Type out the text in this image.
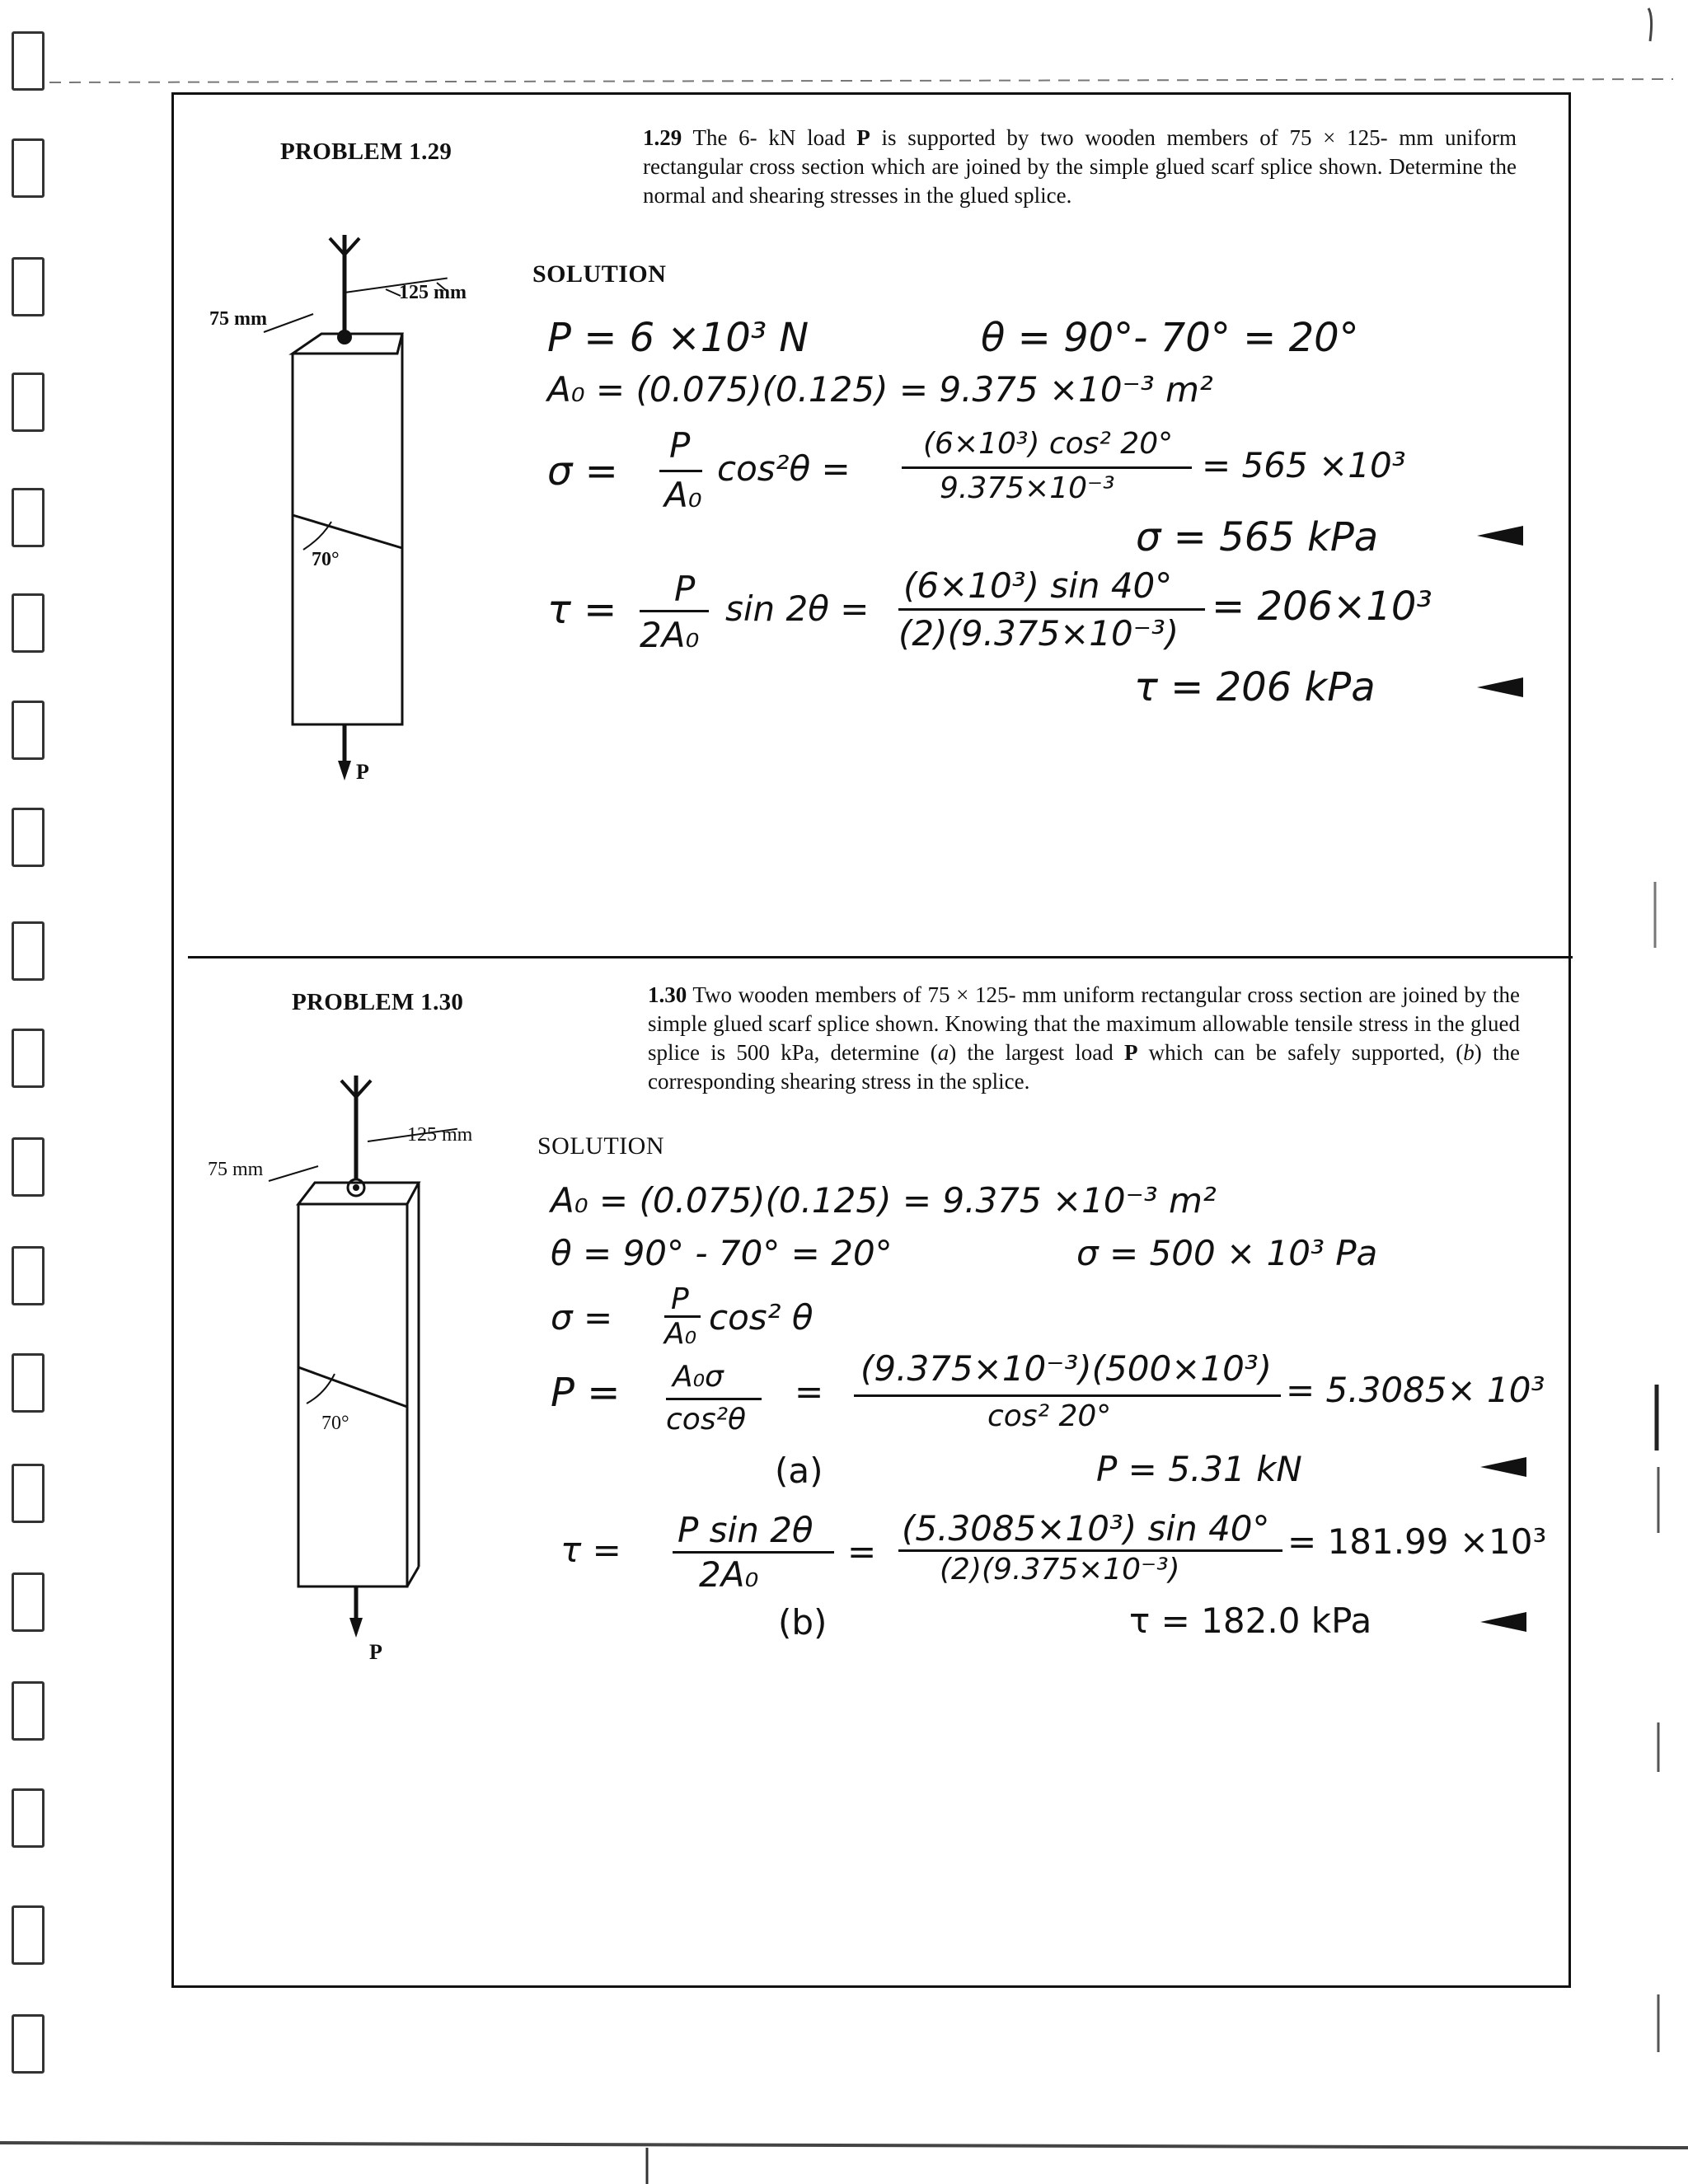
PROBLEM 1.29
1.29 The 6- kN load P is supported by two wooden members of 75 × 125- mm uniform rectangular cross section which are joined by the simple glued scarf splice shown. Determine the normal and shearing stresses in the glued splice.
SOLUTION
75 mm
125 mm
70°
P
P = 6 ×10³ N	θ = 90°- 70° = 20°
A₀ = (0.075)(0.125) = 9.375 ×10⁻³ m²
σ =
P
A₀
cos²θ =
(6×10³) cos² 20°
9.375×10⁻³
= 565 ×10³
σ = 565 kPa
τ = P
2A₀
sin 2θ =
(6×10³) sin 40°
(2)(9.375×10⁻³)
= 206×10³
τ = 206 kPa
PROBLEM 1.30	1.30 Two wooden members of 75 × 125- mm uniform rectangular cross section are joined by the simple glued scarf splice shown. Knowing that the maximum allowable tensile stress in the glued splice is 500 kPa, determine (a) the largest load P which can be safely supported, (b) the corresponding shearing stress in the splice.
SOLUTION
75 mm
125 mm
70°
P
A₀ = (0.075)(0.125) = 9.375 ×10⁻³ m²
θ = 90° - 70° = 20°	σ = 500 × 10³ Pa
σ = P
A₀ cos² θ
P = A₀σ
cos²θ
=
(9.375×10⁻³)(500×10³)
cos² 20°
= 5.3085× 10³
(a)	P = 5.31 kN
τ = P sin 2θ
2A₀
=
(5.3085×10³) sin 40°
(2)(9.375×10⁻³)
= 181.99 ×10³
(b)	τ = 182.0 kPa
